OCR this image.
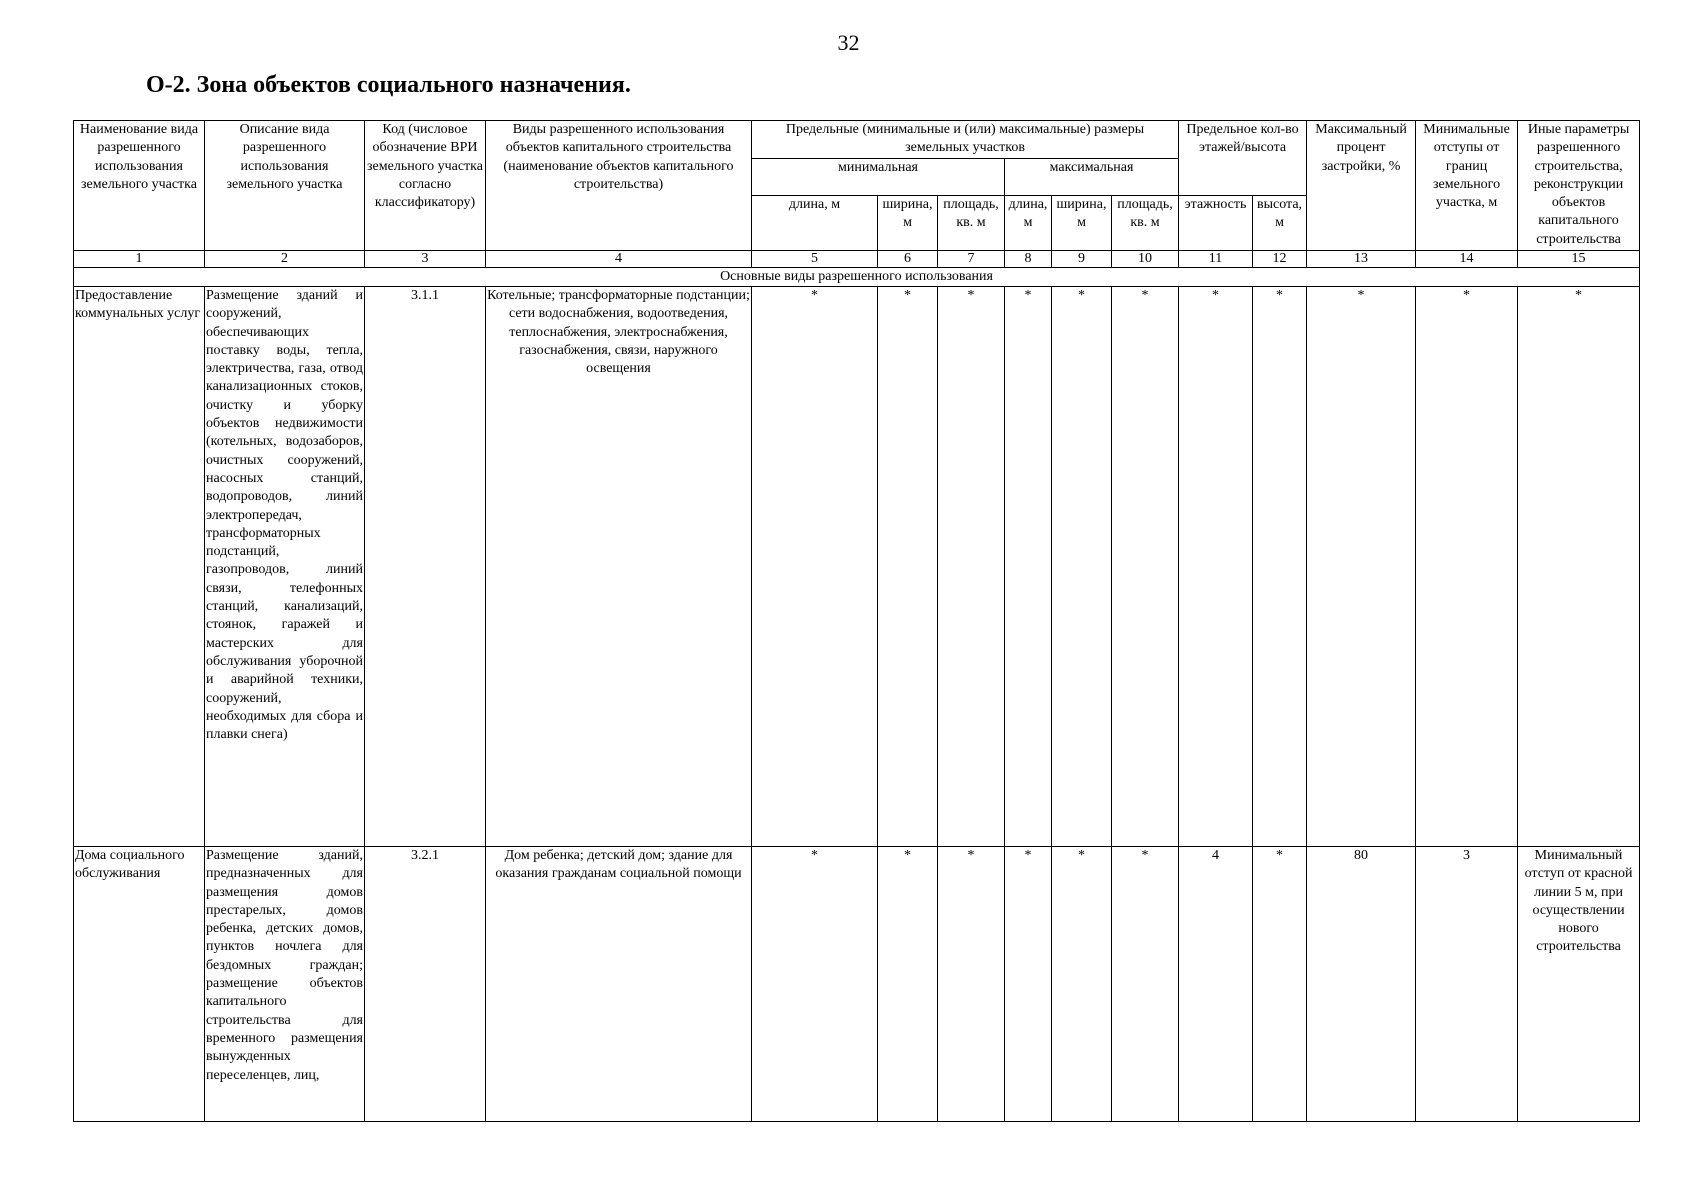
32
О-2. Зона объектов социального назначения.
Наименование вида разрешенного использования земельного участка	Описание вида разрешенного использования земельного участка	Код (числовое обозначение ВРИ земельного участка согласно классификатору)	Виды разрешенного использования объектов капитального строительства (наименование объектов капитального строительства)	Предельные (минимальные и (или) максимальные) размеры земельных участков						Предельное кол-во этажей/высота		Максимальный процент застройки, %	Минимальные отступы от границ земельного участка, м	Иные параметры разрешенного строительства, реконструкции объектов капитального строительства
				минимальная			максимальная							
				длина, м	ширина, м	площадь, кв. м	длина, м	ширина, м	площадь, кв. м	этажность	высота, м			
1	2	3	4	5	6	7	8	9	10	11	12	13	14	15
Основные виды разрешенного использования														
Предоставление коммунальных услуг	Размещение зданий и сооружений, обеспечивающих поставку воды, тепла, электричества, газа, отвод канализационных стоков, очистку и уборку объектов недвижимости (котельных, водозаборов, очистных сооружений, насосных станций, водопроводов, линий электропередач, трансформаторных подстанций, газопроводов, линий связи, телефонных станций, канализаций, стоянок, гаражей и мастерских для обслуживания уборочной и аварийной техники, сооружений, необходимых для сбора и плавки снега)	3.1.1	Котельные; трансформаторные подстанции; сети водоснабжения, водоотведения, теплоснабжения, электроснабжения, газоснабжения, связи, наружного освещения	*	*	*	*	*	*	*	*	*	*	*
Дома социального обслуживания	Размещение зданий, предназначенных для размещения домов престарелых, домов ребенка, детских домов, пунктов ночлега для бездомных граждан; размещение объектов капитального строительства для временного размещения вынужденных переселенцев, лиц,	3.2.1	Дом ребенка; детский дом; здание для оказания гражданам социальной помощи	*	*	*	*	*	*	4	*	80	3	Минимальный отступ от красной линии 5 м, при осуществлении нового строительства
